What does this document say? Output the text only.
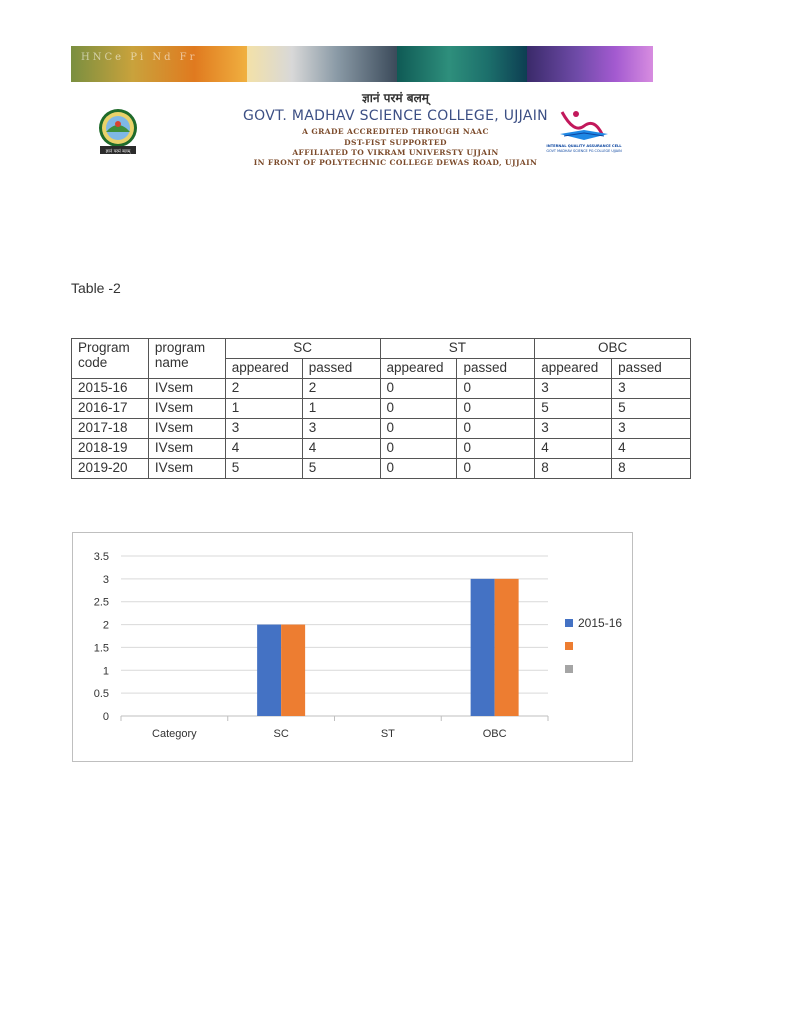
HNCe Pi Nd Fr
ज्ञानं परमं बलम्
GOVT. MADHAV SCIENCE COLLEGE, UJJAIN
A GRADE ACCREDITED THROUGH NAAC
DST-FIST SUPPORTED
AFFILIATED TO VIKRAM UNIVERSTY UJJAIN
IN FRONT OF POLYTECHNIC COLLEGE DEWAS ROAD, UJJAIN
ज्ञानं परमं बलम्
INTERNAL QUALITY ASSURANCE CELL
GOVT MADHAV SCIENCE PG COLLEGE UJJAIN
Table -2
Program code	program name	SC		ST		OBC	
		appeared	passed	appeared	passed	appeared	passed
2015-16	IVsem	2	2	0	0	3	3
2016-17	IVsem	1	1	0	0	5	5
2017-18	IVsem	3	3	0	0	3	3
2018-19	IVsem	4	4	0	0	4	4
2019-20	IVsem	5	5	0	0	8	8
0
0.5
1
1.5
2
2.5
3
3.5
Category	SC	ST	OBC
2015-16
